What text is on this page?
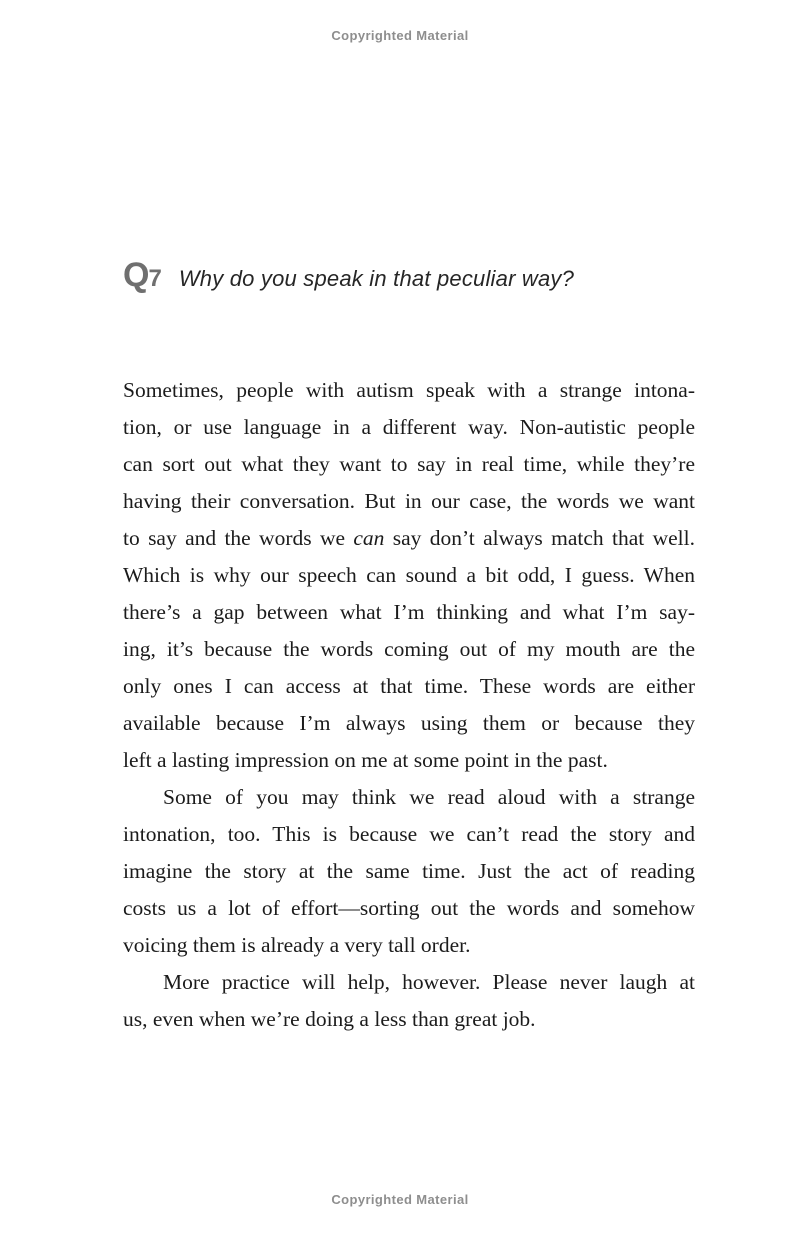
Copyrighted Material
Q 7 Why do you speak in that peculiar way?
Sometimes, people with autism speak with a strange intona-
tion, or use language in a different way. Non-autistic people
can sort out what they want to say in real time, while they’re
having their conversation. But in our case, the words we want
to say and the words we can say don’t always match that well.
Which is why our speech can sound a bit odd, I guess. When
there’s a gap between what I’m thinking and what I’m say-
ing, it’s because the words coming out of my mouth are the
only ones I can access at that time. These words are either
available because I’m always using them or because they
left a lasting impression on me at some point in the past.
Some of you may think we read aloud with a strange
intonation, too. This is because we can’t read the story and
imagine the story at the same time. Just the act of reading
costs us a lot of effort—sorting out the words and somehow
voicing them is already a very tall order.
More practice will help, however. Please never laugh at
us, even when we’re doing a less than great job.
Copyrighted Material
